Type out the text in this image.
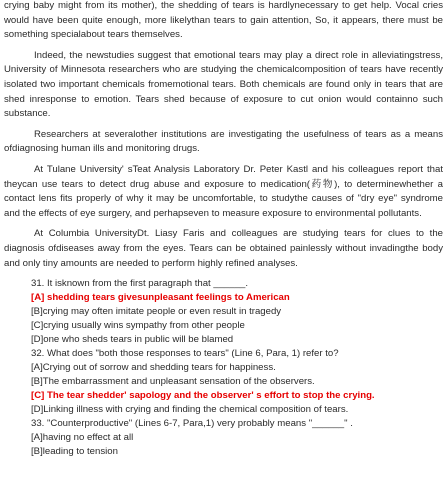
crying baby might from its mother), the shedding of tears is hardlynecessary to get help. Vocal cries would have been quite enough, more likelythan tears to gain attention, So, it appears, there must be something specialabout tears themselves.

Indeed, the newstudies suggest that emotional tears may play a direct role in alleviatingstress, University of Minnesota researchers who are studying the chemicalcomposition of tears have recently isolated two important chemicals fromemotional tears. Both chemicals are found only in tears that are shed inresponse to emotion. Tears shed because of exposure to cut onion would containno such substance.

Researchers at severalother institutions are investigating the usefulness of tears as a means ofdiagnosing human ills and monitoring drugs.

At Tulane University' sTeat Analysis Laboratory Dr. Peter Kastl and his colleagues report that theycan use tears to detect drug abuse and exposure to medication(药物), to determinewhether a contact lens fits properly of why it may be uncomfortable, to studythe causes of "dry eye" syndrome and the effects of eye surgery, and perhapseven to measure exposure to environmental pollutants.

At Columbia UniversityDt. Liasy Faris and colleagues are studying tears for clues to the diagnosis ofdiseases away from the eyes. Tears can be obtained painlessly without invadingthe body and only tiny amounts are needed to perform highly refined analyses.

31. It isknown from the first paragraph that ______.
[A] shedding tears givesunpleasant feelings to American
[B]crying may often imitate people or even result in tragedy
[C]crying usually wins sympathy from other people
[D]one who sheds tears in public will be blamed
32. What does "both those responses to tears" (Line 6, Para, 1) refer to?
[A]Crying out of sorrow and shedding tears for happiness.
[B]The embarrassment and unpleasant sensation of the observers.
[C] The tear shedder' sapology and the observer' s effort to stop the crying.
[D]Linking illness with crying and finding the chemical composition of tears.
33. "Counterproductive" (Lines 6-7, Para,1) very probably means "______" .
[A]having no effect at all
[B]leading to tension
